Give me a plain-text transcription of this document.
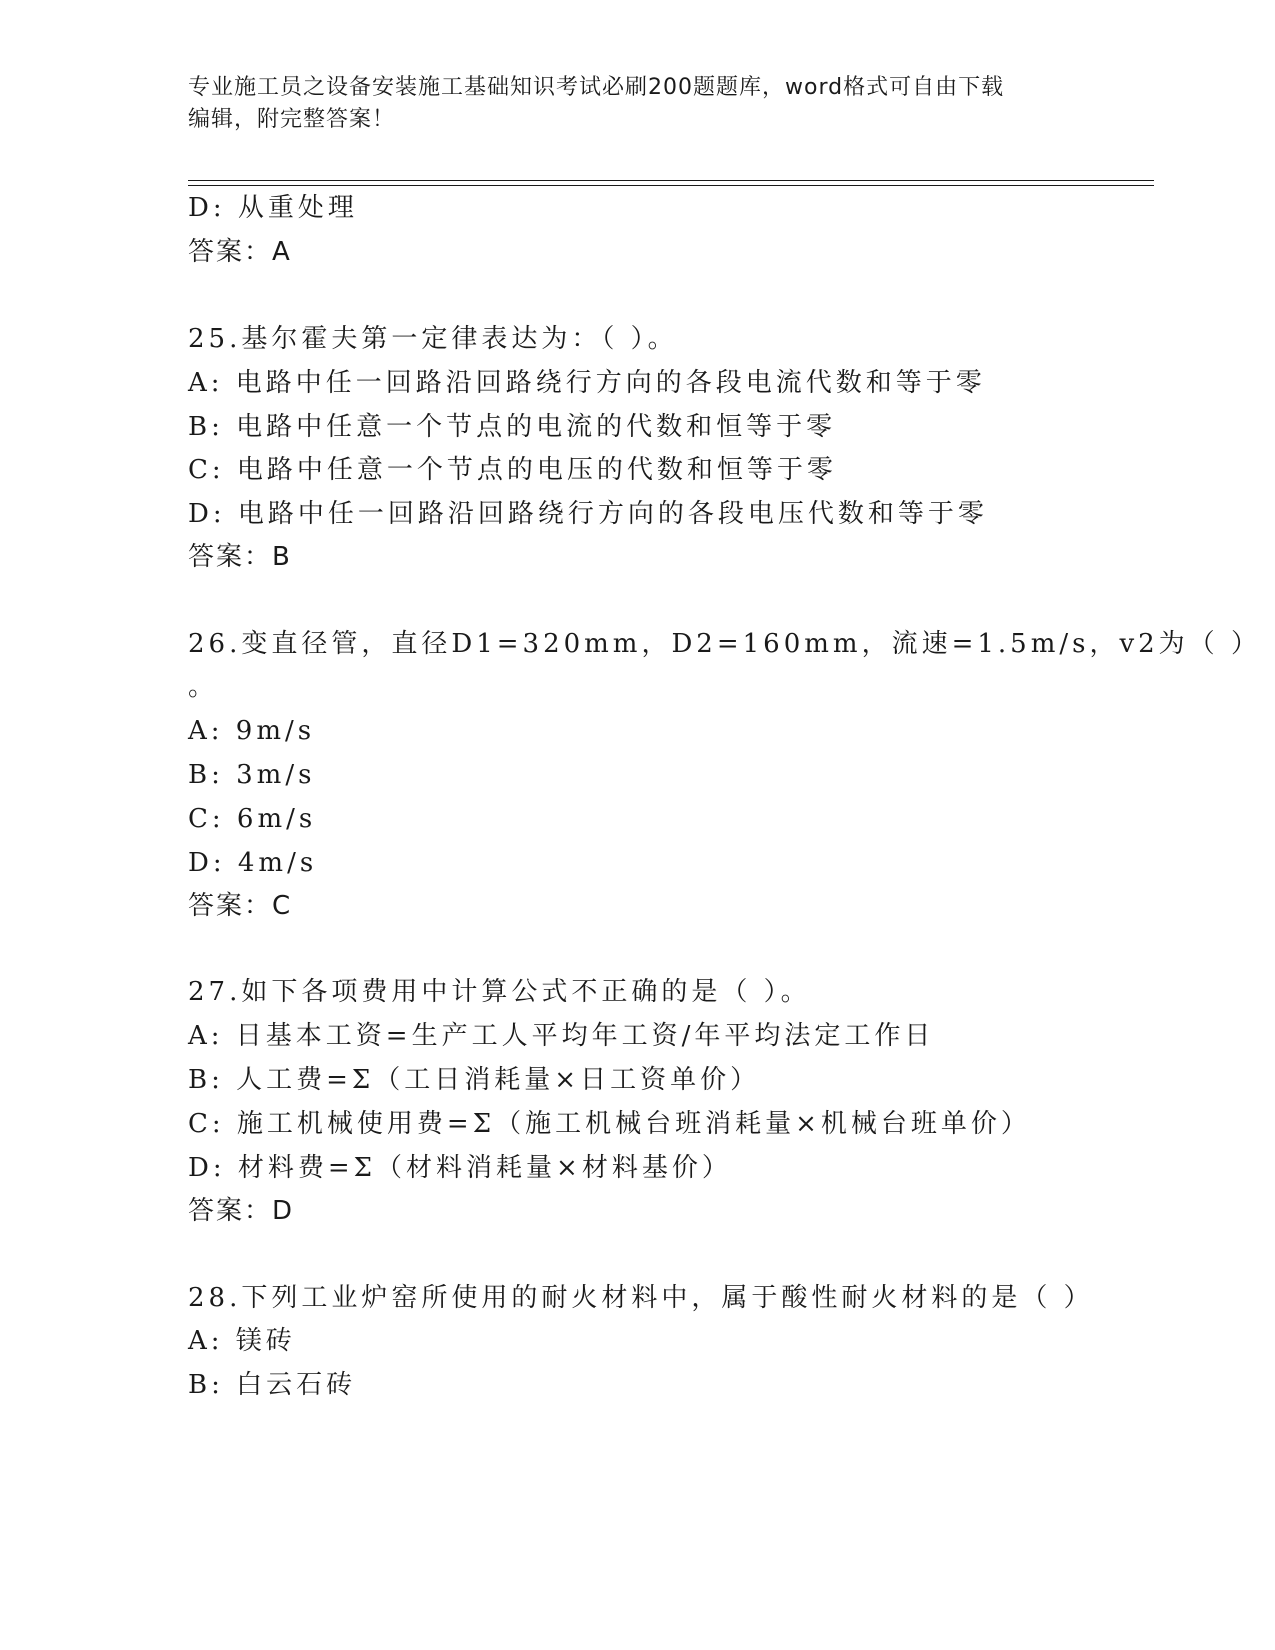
专业施工员之设备安装施工基础知识考试必刷200题题库，word格式可自由下载
编辑，附完整答案！
D: 从重处理
答案：A
25.基尔霍夫第一定律表达为：（ ）。
A: 电路中任一回路沿回路绕行方向的各段电流代数和等于零
B: 电路中任意一个节点的电流的代数和恒等于零
C: 电路中任意一个节点的电压的代数和恒等于零
D: 电路中任一回路沿回路绕行方向的各段电压代数和等于零
答案：B
26.变直径管，直径D1=320mm，D2=160mm，流速=1.5m/s，v2为（ ）
。
A: 9m/s
B: 3m/s
C: 6m/s
D: 4m/s
答案：C
27.如下各项费用中计算公式不正确的是（ ）。
A: 日基本工资=生产工人平均年工资/年平均法定工作日
B: 人工费=Σ（工日消耗量×日工资单价）
C: 施工机械使用费=Σ（施工机械台班消耗量×机械台班单价）
D: 材料费=Σ（材料消耗量×材料基价）
答案：D
28.下列工业炉窑所使用的耐火材料中，属于酸性耐火材料的是（ ）
A: 镁砖
B: 白云石砖
